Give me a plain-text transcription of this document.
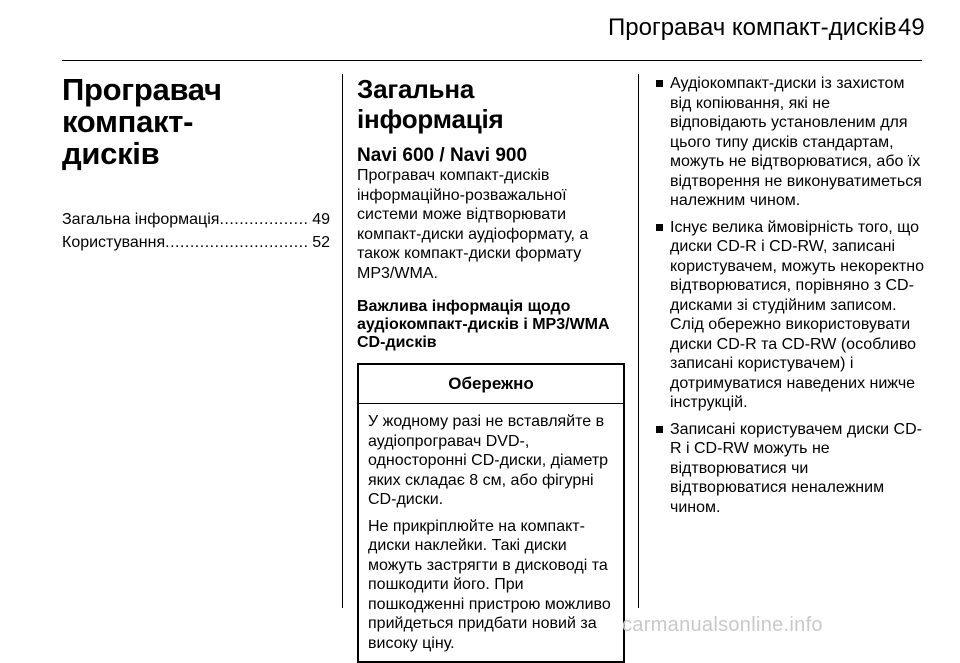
Програвач компакт-дисків 49
Програвач компакт-
дисків
Загальна інформація .....	49
Користування .....	52
Загальна інформація
Navi 600 / Navi 900

Програвач компакт-дисків інформаційно-розважальної системи може відтворювати компакт-диски аудіоформату, а також компакт-диски формату MP3/WMA.

Важлива інформація щодо аудіокомпакт-дисків і MP3/WMA CD-дисків

Обережно

У жодному разі не вставляйте в аудіопрогравач DVD-, односторонні CD-диски, діаметр яких складає 8 см, або фігурні CD-диски.

Не прикріплюйте на компакт-диски наклейки. Такі диски можуть застрягти в дисководі та пошкодити його. При пошкодженні пристрою можливо прийдеться придбати новий за високу ціну.

Аудіокомпакт-диски із захистом від копіювання, які не відповідають установленим для цього типу дисків стандартам, можуть не відтворюватися, або їх відтворення не виконуватиметься належним чином.
Існує велика ймовірність того, що диски CD-R і CD-RW, записані користувачем, можуть некоректно відтворюватися, порівняно з CD-дисками зі студійним записом. Слід обережно використовувати диски CD-R та CD-RW (особливо записані користувачем) і дотримуватися наведених нижче інструкцій.
Записані користувачем диски CD-R і CD-RW можуть не відтворюватися чи відтворюватися неналежним чином.
carmanualsonline.info
